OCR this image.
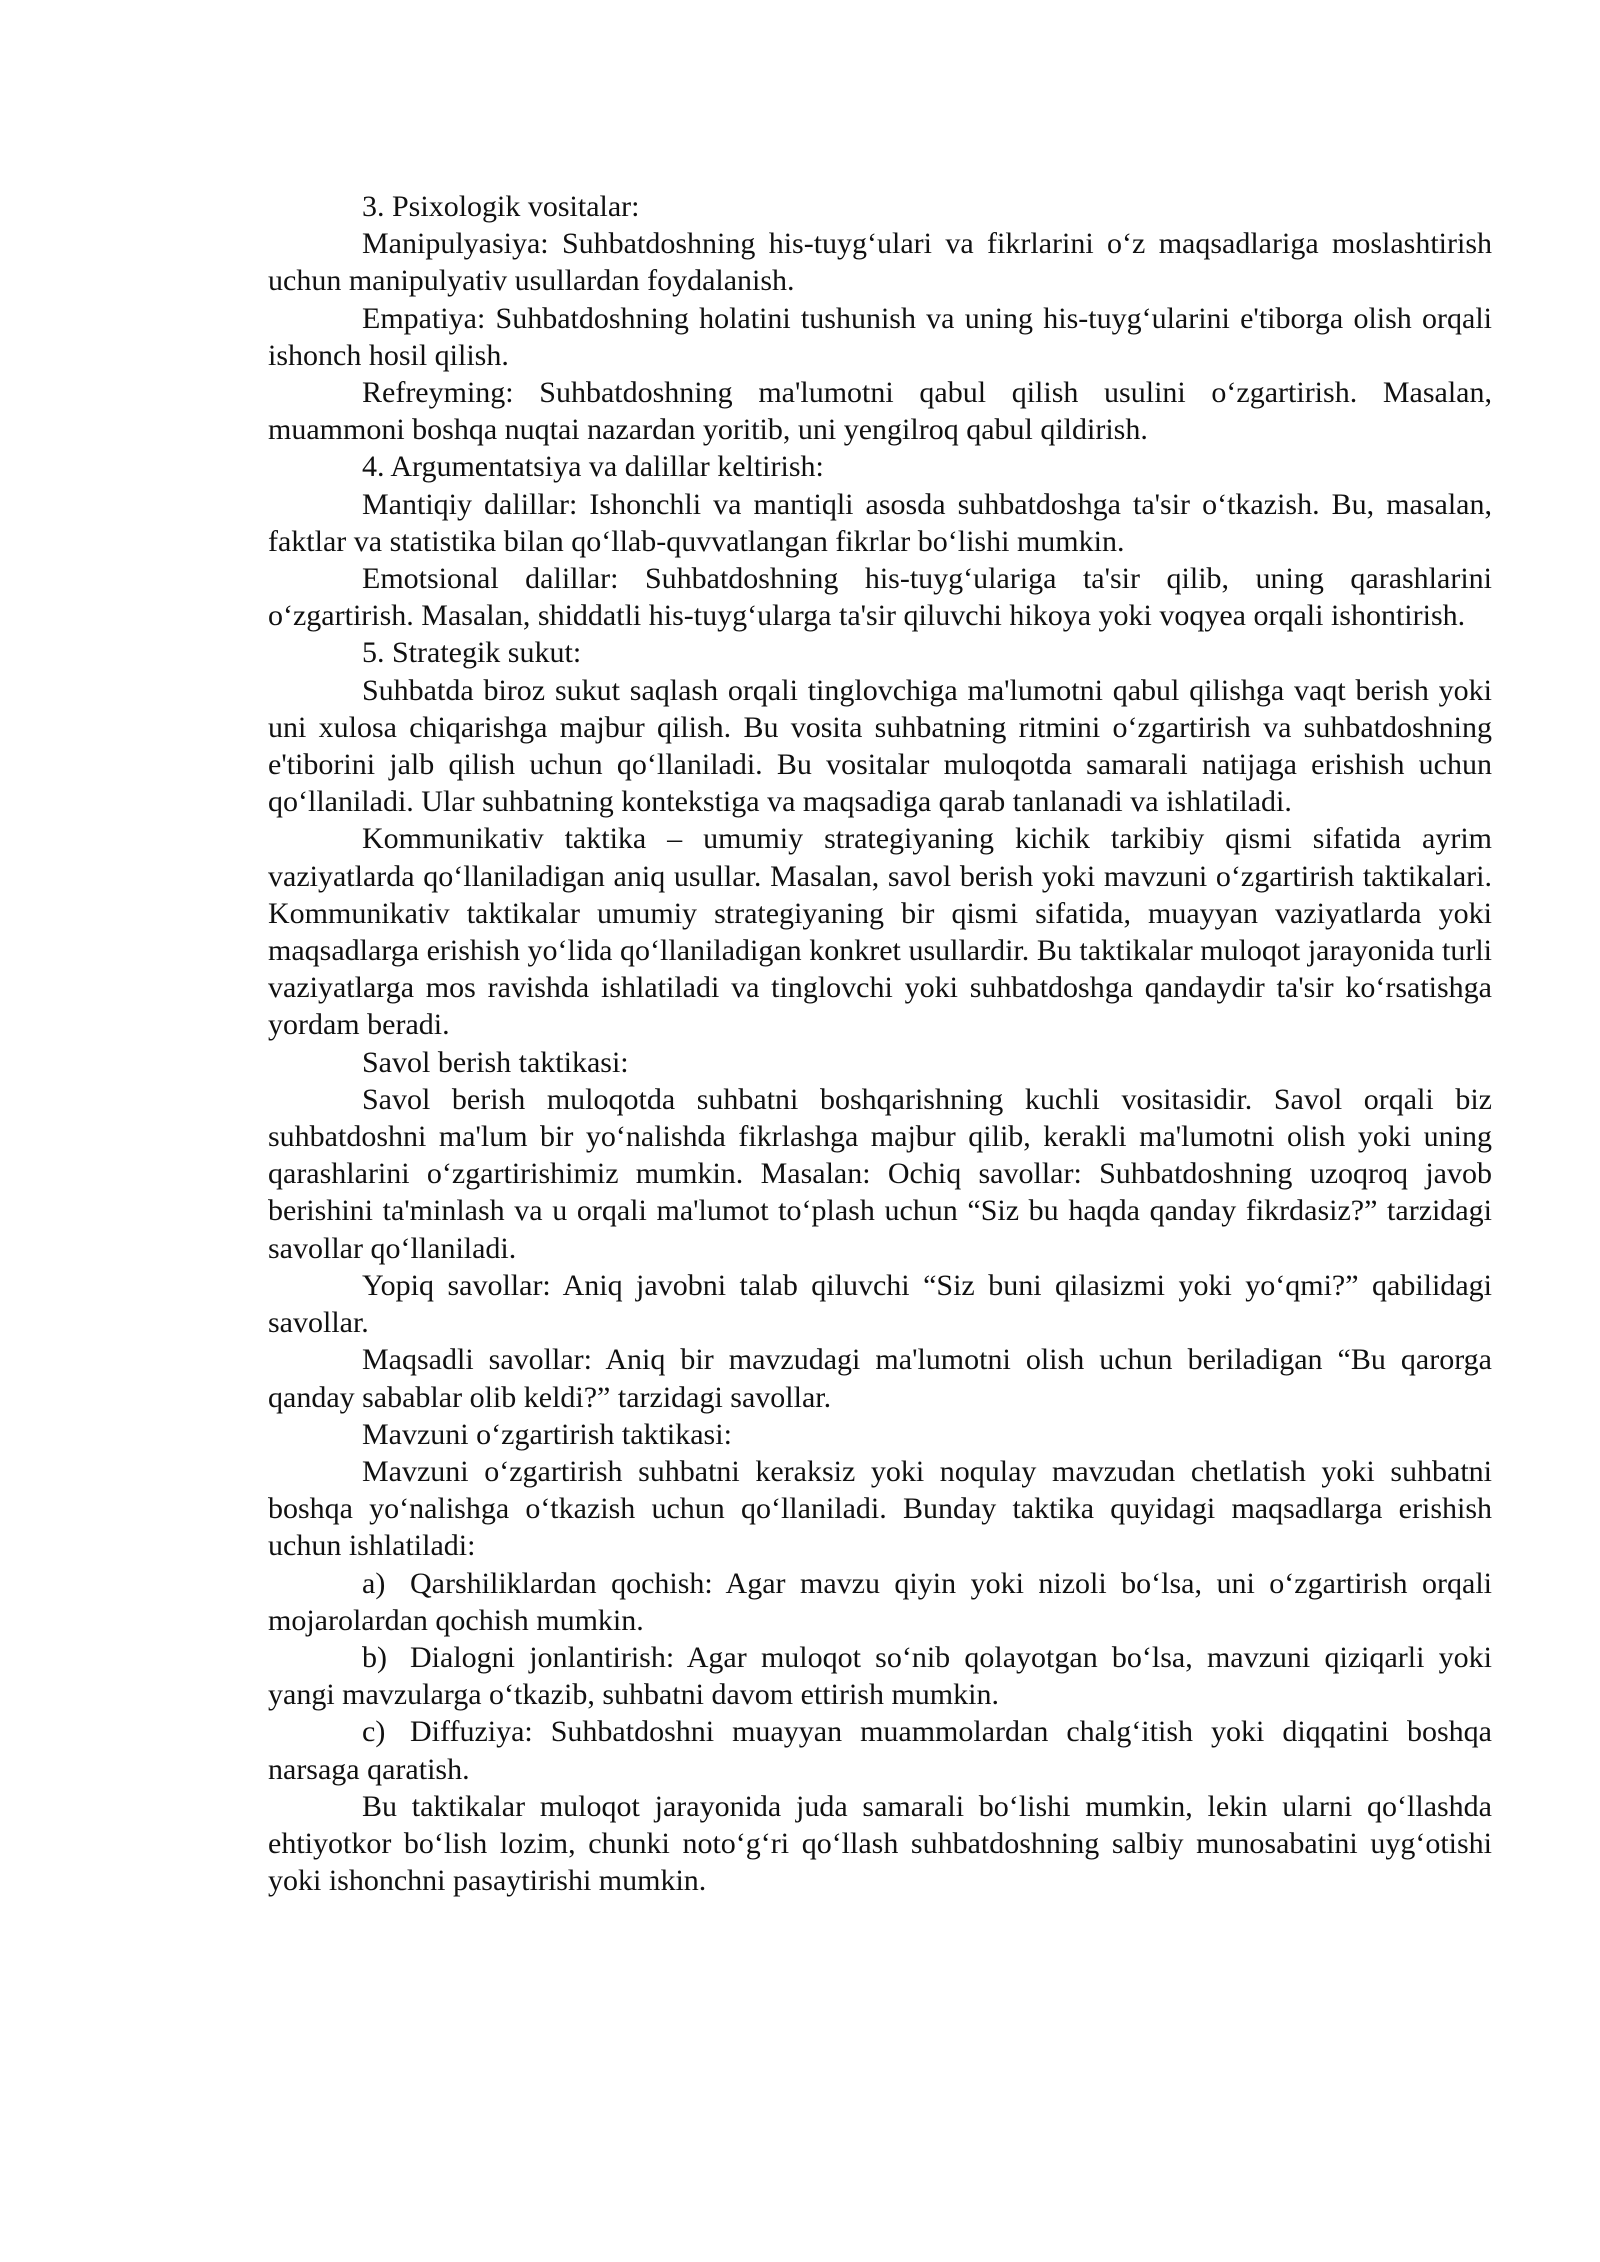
3. Psixologik vositalar:

Manipulyasiya: Suhbatdoshning his-tuyg‘ulari va fikrlarini o‘z maqsadlariga moslashtirish uchun manipulyativ usullardan foydalanish.

Empatiya: Suhbatdoshning holatini tushunish va uning his-tuyg‘ularini e'tiborga olish orqali ishonch hosil qilish.

Refreyming: Suhbatdoshning ma'lumotni qabul qilish usulini o‘zgartirish. Masalan, muammoni boshqa nuqtai nazardan yoritib, uni yengilroq qabul qildirish.

4. Argumentatsiya va dalillar keltirish:

Mantiqiy dalillar: Ishonchli va mantiqli asosda suhbatdoshga ta'sir o‘tkazish. Bu, masalan, faktlar va statistika bilan qo‘llab-quvvatlangan fikrlar bo‘lishi mumkin.

Emotsional dalillar: Suhbatdoshning his-tuyg‘ulariga ta'sir qilib, uning qarashlarini o‘zgartirish. Masalan, shiddatli his-tuyg‘ularga ta'sir qiluvchi hikoya yoki voqyea orqali ishontirish.

5. Strategik sukut:

Suhbatda biroz sukut saqlash orqali tinglovchiga ma'lumotni qabul qilishga vaqt berish yoki uni xulosa chiqarishga majbur qilish. Bu vosita suhbatning ritmini o‘zgartirish va suhbatdoshning e'tiborini jalb qilish uchun qo‘llaniladi. Bu vositalar muloqotda samarali natijaga erishish uchun qo‘llaniladi. Ular suhbatning kontekstiga va maqsadiga qarab tanlanadi va ishlatiladi.

Kommunikativ taktika – umumiy strategiyaning kichik tarkibiy qismi sifatida ayrim vaziyatlarda qo‘llaniladigan aniq usullar. Masalan, savol berish yoki mavzuni o‘zgartirish taktikalari. Kommunikativ taktikalar umumiy strategiyaning bir qismi sifatida, muayyan vaziyatlarda yoki maqsadlarga erishish yo‘lida qo‘llaniladigan konkret usullardir. Bu taktikalar muloqot jarayonida turli vaziyatlarga mos ravishda ishlatiladi va tinglovchi yoki suhbatdoshga qandaydir ta'sir ko‘rsatishga yordam beradi.

Savol berish taktikasi:

Savol berish muloqotda suhbatni boshqarishning kuchli vositasidir. Savol orqali biz suhbatdoshni ma'lum bir yo‘nalishda fikrlashga majbur qilib, kerakli ma'lumotni olish yoki uning qarashlarini o‘zgartirishimiz mumkin. Masalan: Ochiq savollar: Suhbatdoshning uzoqroq javob berishini ta'minlash va u orqali ma'lumot to‘plash uchun “Siz bu haqda qanday fikrdasiz?” tarzidagi savollar qo‘llaniladi.

Yopiq savollar: Aniq javobni talab qiluvchi “Siz buni qilasizmi yoki yo‘qmi?” qabilidagi savollar.

Maqsadli savollar: Aniq bir mavzudagi ma'lumotni olish uchun beriladigan “Bu qarorga qanday sabablar olib keldi?” tarzidagi savollar.

Mavzuni o‘zgartirish taktikasi:

Mavzuni o‘zgartirish suhbatni keraksiz yoki noqulay mavzudan chetlatish yoki suhbatni boshqa yo‘nalishga o‘tkazish uchun qo‘llaniladi. Bunday taktika quyidagi maqsadlarga erishish uchun ishlatiladi:

a) Qarshiliklardan qochish: Agar mavzu qiyin yoki nizoli bo‘lsa, uni o‘zgartirish orqali mojarolardan qochish mumkin.

b) Dialogni jonlantirish: Agar muloqot so‘nib qolayotgan bo‘lsa, mavzuni qiziqarli yoki yangi mavzularga o‘tkazib, suhbatni davom ettirish mumkin.

c) Diffuziya: Suhbatdoshni muayyan muammolardan chalg‘itish yoki diqqatini boshqa narsaga qaratish.

Bu taktikalar muloqot jarayonida juda samarali bo‘lishi mumkin, lekin ularni qo‘llashda ehtiyotkor bo‘lish lozim, chunki noto‘g‘ri qo‘llash suhbatdoshning salbiy munosabatini uyg‘otishi yoki ishonchni pasaytirishi mumkin.
